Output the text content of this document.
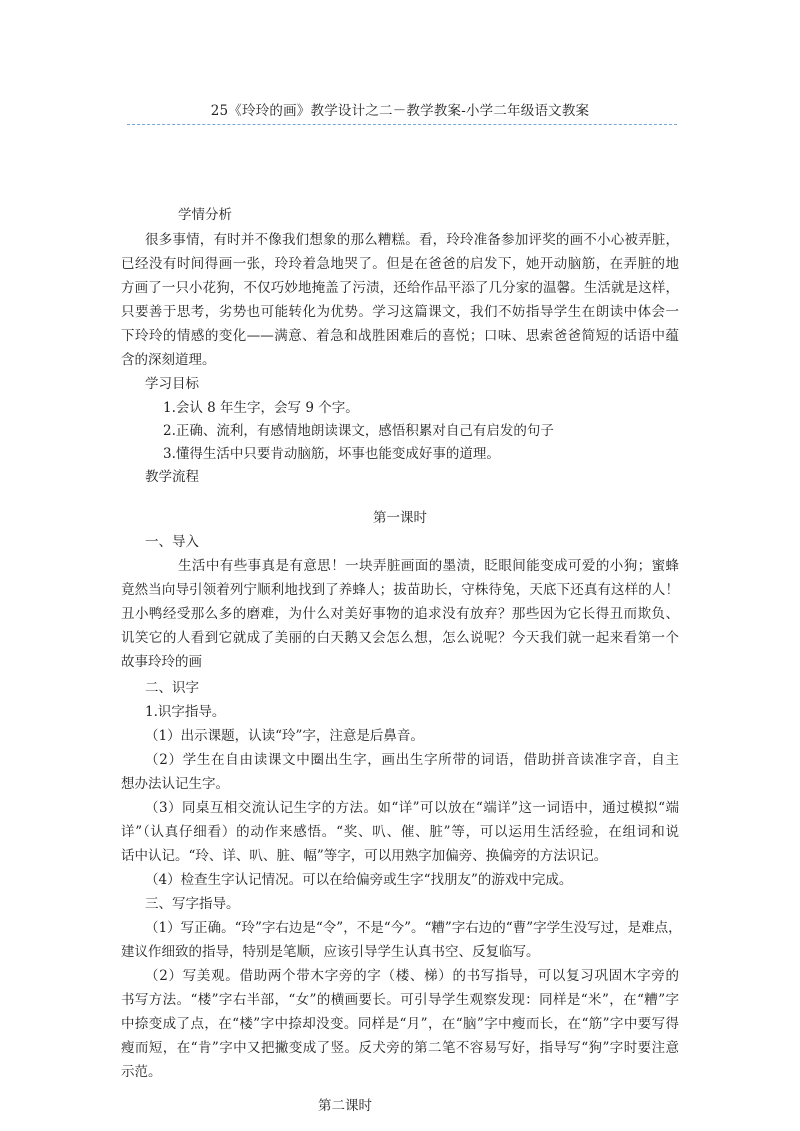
25《玲玲的画》教学设计之二－教学教案-小学二年级语文教案
学情分析
很多事情，有时并不像我们想象的那么糟糕。看，玲玲准备参加评奖的画不小心被弄脏，
已经没有时间得画一张，玲玲着急地哭了。但是在爸爸的启发下，她开动脑筋，在弄脏的地
方画了一只小花狗，不仅巧妙地掩盖了污渍，还给作品平添了几分家的温馨。生活就是这样，
只要善于思考，劣势也可能转化为优势。学习这篇课文，我们不妨指导学生在朗读中体会一
下玲玲的情感的变化——满意、着急和战胜困难后的喜悦；口味、思索爸爸简短的话语中蕴
含的深刻道理。
学习目标
1.会认 8 年生字，会写 9 个字。
2.正确、流利，有感情地朗读课文，感悟积累对自己有启发的句子
3.懂得生活中只要肯动脑筋，坏事也能变成好事的道理。
教学流程
第一课时
一、导入
生活中有些事真是有意思！一块弄脏画面的墨渍，眨眼间能变成可爱的小狗；蜜蜂
竟然当向导引领着列宁顺利地找到了养蜂人；拔苗助长，守株待兔，天底下还真有这样的人！
丑小鸭经受那么多的磨难，为什么对美好事物的追求没有放弃？那些因为它长得丑而欺负、
讥笑它的人看到它就成了美丽的白天鹅又会怎么想，怎么说呢？今天我们就一起来看第一个
故事玲玲的画
二、识字
1.识字指导。
（1）出示课题，认读“玲”字，注意是后鼻音。
（2）学生在自由读课文中圈出生字，画出生字所带的词语，借助拼音读准字音，自主
想办法认记生字。
（3）同桌互相交流认记生字的方法。如“详”可以放在“端详”这一词语中，通过模拟“端
详”（认真仔细看）的动作来感悟。“奖、叭、催、脏”等，可以运用生活经验，在组词和说
话中认记。“玲、详、叭、脏、幅”等字，可以用熟字加偏旁、换偏旁的方法识记。
（4）检查生字认记情况。可以在给偏旁或生字“找朋友”的游戏中完成。
三、写字指导。
（1）写正确。“玲”字右边是“令”，不是“今”。“糟”字右边的“曹”字学生没写过，是难点，
建议作细致的指导，特别是笔顺，应该引导学生认真书空、反复临写。
（2）写美观。借助两个带木字旁的字（楼、梯）的书写指导，可以复习巩固木字旁的
书写方法。“楼”字右半部，“女”的横画要长。可引导学生观察发现：同样是“米”，在“糟”字
中捺变成了点，在“楼”字中捺却没变。同样是“月”，在“脑”字中瘦而长，在“筋”字中要写得
瘦而短，在“肯”字中又把撇变成了竖。反犬旁的第二笔不容易写好，指导写“狗”字时要注意
示范。
第二课时
